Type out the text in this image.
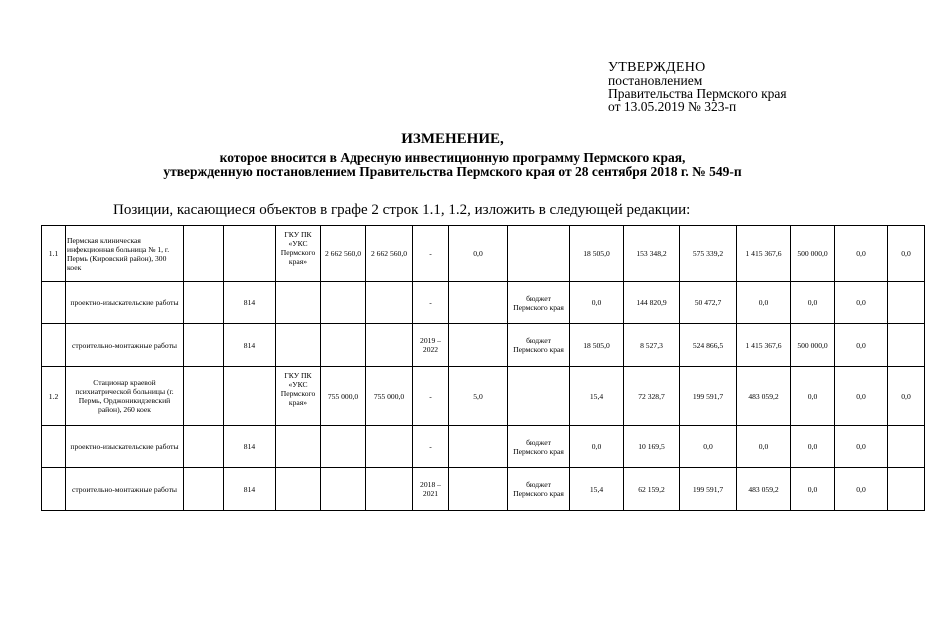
УТВЕРЖДЕНО
постановлением
Правительства Пермского края
от 13.05.2019 № 323-п
ИЗМЕНЕНИЕ,
которое вносится в Адресную инвестиционную программу Пермского края,
утвержденную постановлением Правительства Пермского края от 28 сентября 2018 г. № 549-п
Позиции, касающиеся объектов в графе 2 строк 1.1, 1.2, изложить в следующей редакции:
1.1	Пермская клиническая инфекционная больница № 1, г. Пермь (Кировский район), 300 коек			ГКУ ПК «УКС Пермского края»	2 662 560,0	2 662 560,0	-	0,0		18 505,0	153 348,2	575 339,2	1 415 367,6	500 000,0	0,0	0,0
	проектно-изыскательские работы		814				-		бюджет Пермского края	0,0	144 820,9	50 472,7	0,0	0,0	0,0	
	строительно-монтажные работы		814				2019 – 2022		бюджет Пермского края	18 505,0	8 527,3	524 866,5	1 415 367,6	500 000,0	0,0	
1.2	Стационар краевой психиатрической больницы (г. Пермь, Орджоникидзевский район), 260 коек			ГКУ ПК «УКС Пермского края»	755 000,0	755 000,0	-	5,0		15,4	72 328,7	199 591,7	483 059,2	0,0	0,0	0,0
	проектно-изыскательские работы		814				-		бюджет Пермского края	0,0	10 169,5	0,0	0,0	0,0	0,0	
	строительно-монтажные работы		814				2018 – 2021		бюджет Пермского края	15,4	62 159,2	199 591,7	483 059,2	0,0	0,0	
